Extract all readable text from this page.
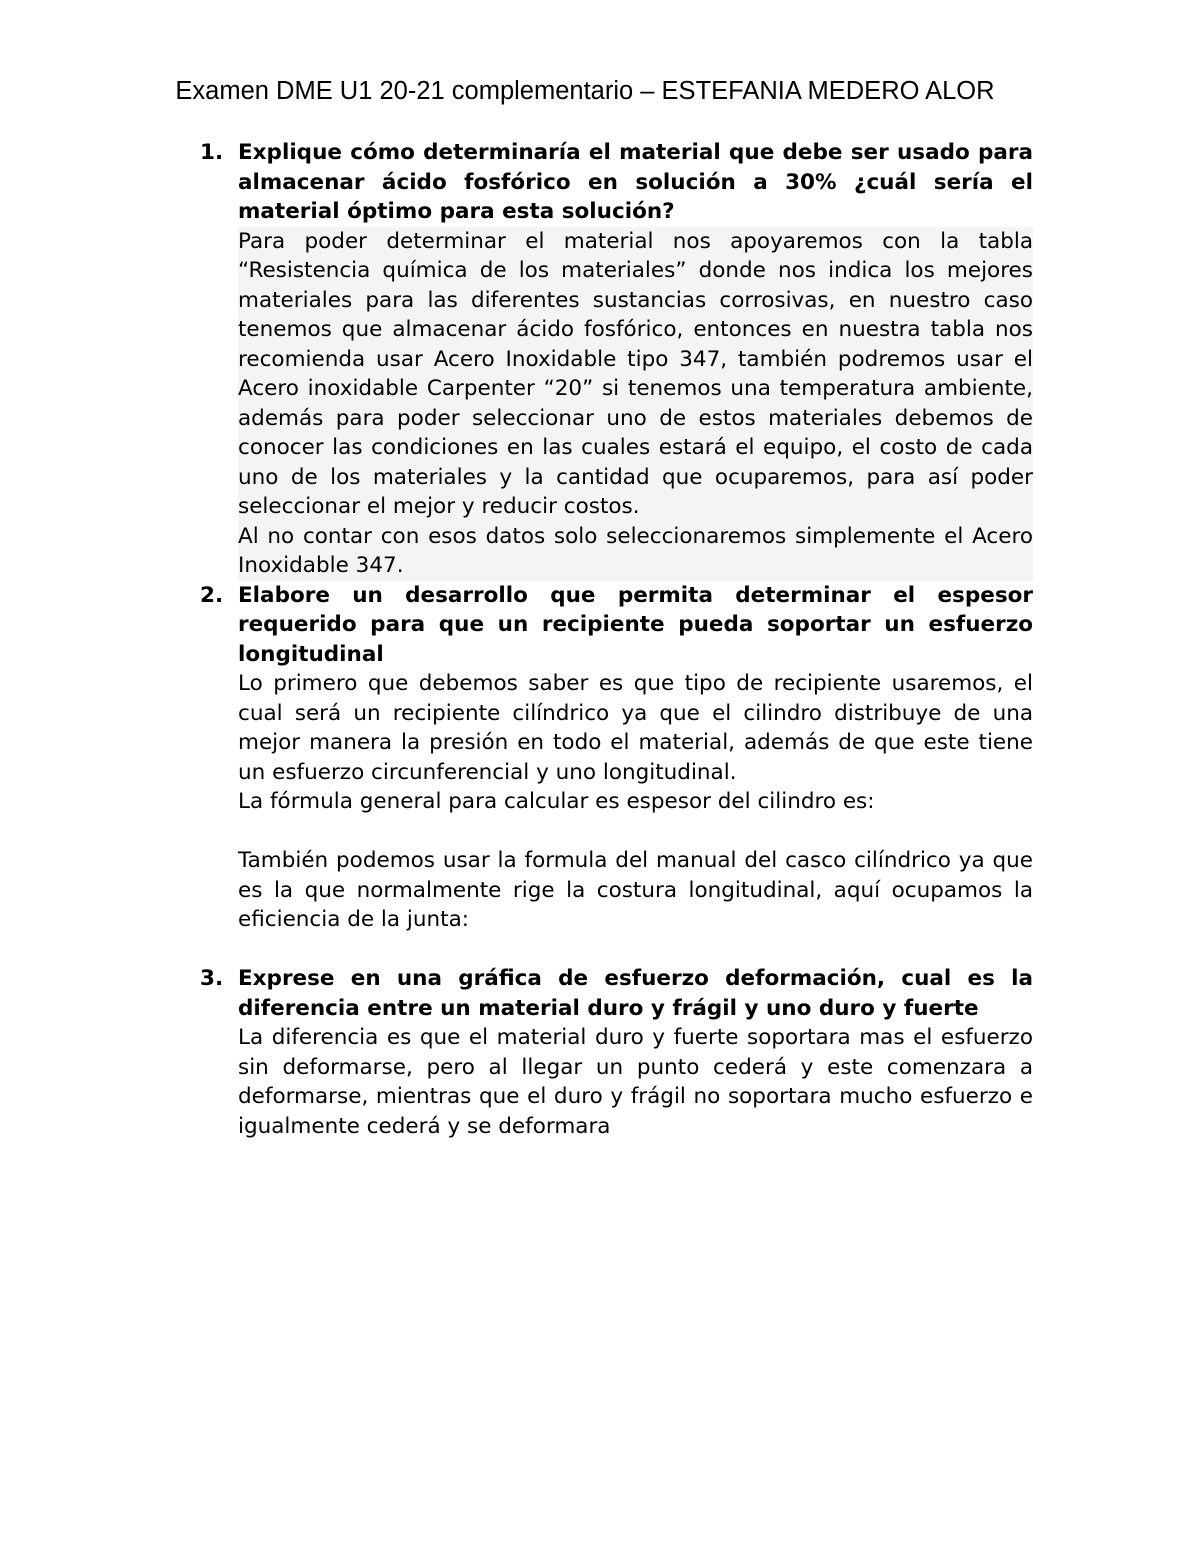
Examen DME U1 20-21 complementario – ESTEFANIA MEDERO ALOR
1. Explique cómo determinaría el material que debe ser usado para almacenar ácido fosfórico en solución a 30% ¿cuál sería el material óptimo para esta solución?

Para poder determinar el material nos apoyaremos con la tabla “Resistencia química de los materiales” donde nos indica los mejores materiales para las diferentes sustancias corrosivas, en nuestro caso tenemos que almacenar ácido fosfórico, entonces en nuestra tabla nos recomienda usar Acero Inoxidable tipo 347, también podremos usar el Acero inoxidable Carpenter “20” si tenemos una temperatura ambiente, además para poder seleccionar uno de estos materiales debemos de conocer las condiciones en las cuales estará el equipo, el costo de cada uno de los materiales y la cantidad que ocuparemos, para así poder seleccionar el mejor y reducir costos.

Al no contar con esos datos solo seleccionaremos simplemente el Acero Inoxidable 347.

2. Elabore un desarrollo que permita determinar el espesor requerido para que un recipiente pueda soportar un esfuerzo longitudinal

Lo primero que debemos saber es que tipo de recipiente usaremos, el cual será un recipiente cilíndrico ya que el cilindro distribuye de una mejor manera la presión en todo el material, además de que este tiene un esfuerzo circunferencial y uno longitudinal.

La fórmula general para calcular es espesor del cilindro es:

También podemos usar la formula del manual del casco cilíndrico ya que es la que normalmente rige la costura longitudinal, aquí ocupamos la eficiencia de la junta:

3. Exprese en una gráfica de esfuerzo deformación, cual es la diferencia entre un material duro y frágil y uno duro y fuerte

La diferencia es que el material duro y fuerte soportara mas el esfuerzo sin deformarse, pero al llegar un punto cederá y este comenzara a deformarse, mientras que el duro y frágil no soportara mucho esfuerzo e igualmente cederá y se deformara
